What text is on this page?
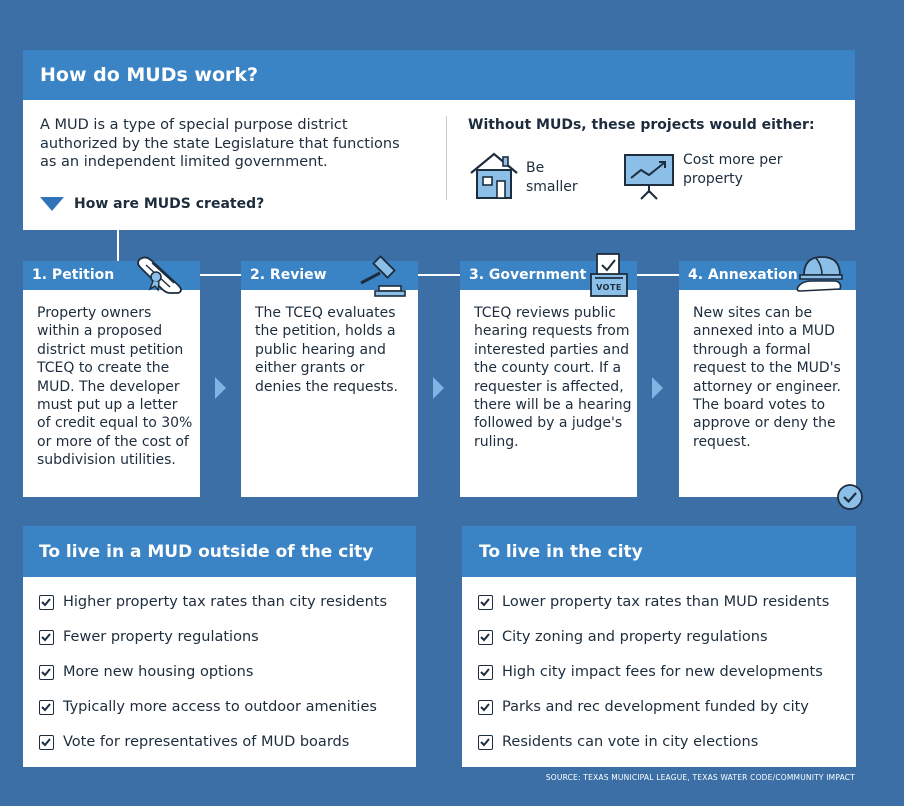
How do MUDs work?
A MUD is a type of special purpose district authorized by the state Legislature that functions as an independent limited government.
How are MUDS created?
Without MUDs, these projects would either:
Be smaller
Cost more per property
1. Petition
Property owners within a proposed district must petition TCEQ to create the MUD. The developer must put up a letter of credit equal to 30% or more of the cost of subdivision utilities.
2. Review
The TCEQ evaluates the petition, holds a public hearing and either grants or denies the requests.
3. Government
TCEQ reviews public hearing requests from interested parties and the county court. If a requester is affected, there will be a hearing followed by a judge's ruling.
VOTE
4. Annexation
New sites can be annexed into a MUD through a formal request to the MUD's attorney or engineer. The board votes to approve or deny the request.
To live in a MUD outside of the city
Higher property tax rates than city residents
Fewer property regulations
More new housing options
Typically more access to outdoor amenities
Vote for representatives of MUD boards
To live in the city
Lower property tax rates than MUD residents
City zoning and property regulations
High city impact fees for new developments
Parks and rec development funded by city
Residents can vote in city elections
SOURCE: TEXAS MUNICIPAL LEAGUE, TEXAS WATER CODE/COMMUNITY IMPACT
